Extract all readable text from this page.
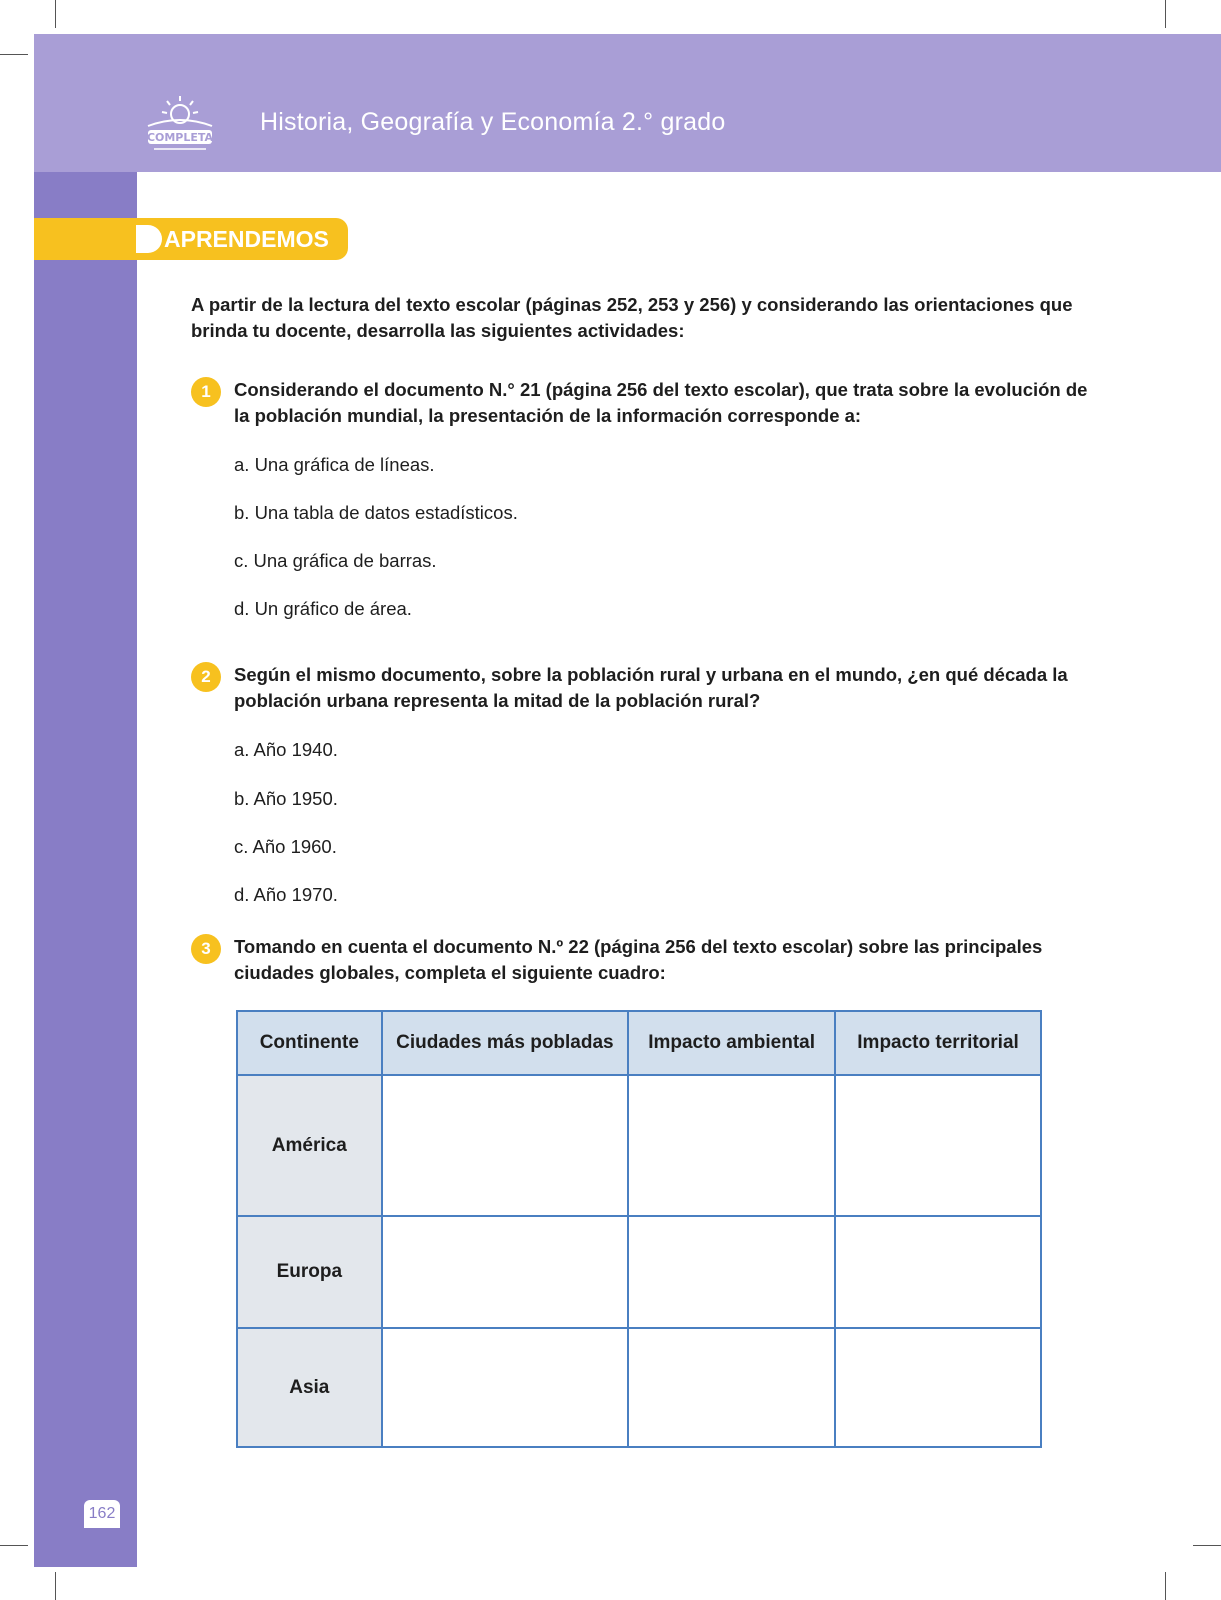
COMPLETA
Historia, Geografía y Economía 2.° grado
APRENDEMOS
A partir de la lectura del texto escolar (páginas 252, 253 y 256) y considerando las orientaciones que brinda tu docente, desarrolla las siguientes actividades:
1	Considerando el documento N.° 21 (página 256 del texto escolar), que trata sobre la evolución de la población mundial, la presentación de la información corresponde a:
a. Una gráfica de líneas.
b. Una tabla de datos estadísticos.
c. Una gráfica de barras.
d. Un gráfico de área.
2	Según el mismo documento, sobre la población rural y urbana en el mundo, ¿en qué década la población urbana representa la mitad de la población rural?
a. Año 1940.
b. Año 1950.
c. Año 1960.
d. Año 1970.
3	Tomando en cuenta el documento N.º 22 (página 256 del texto escolar) sobre las principales ciudades globales, completa el siguiente cuadro:
Continente	Ciudades más pobladas	Impacto ambiental	Impacto territorial
América			
Europa			
Asia			
162
